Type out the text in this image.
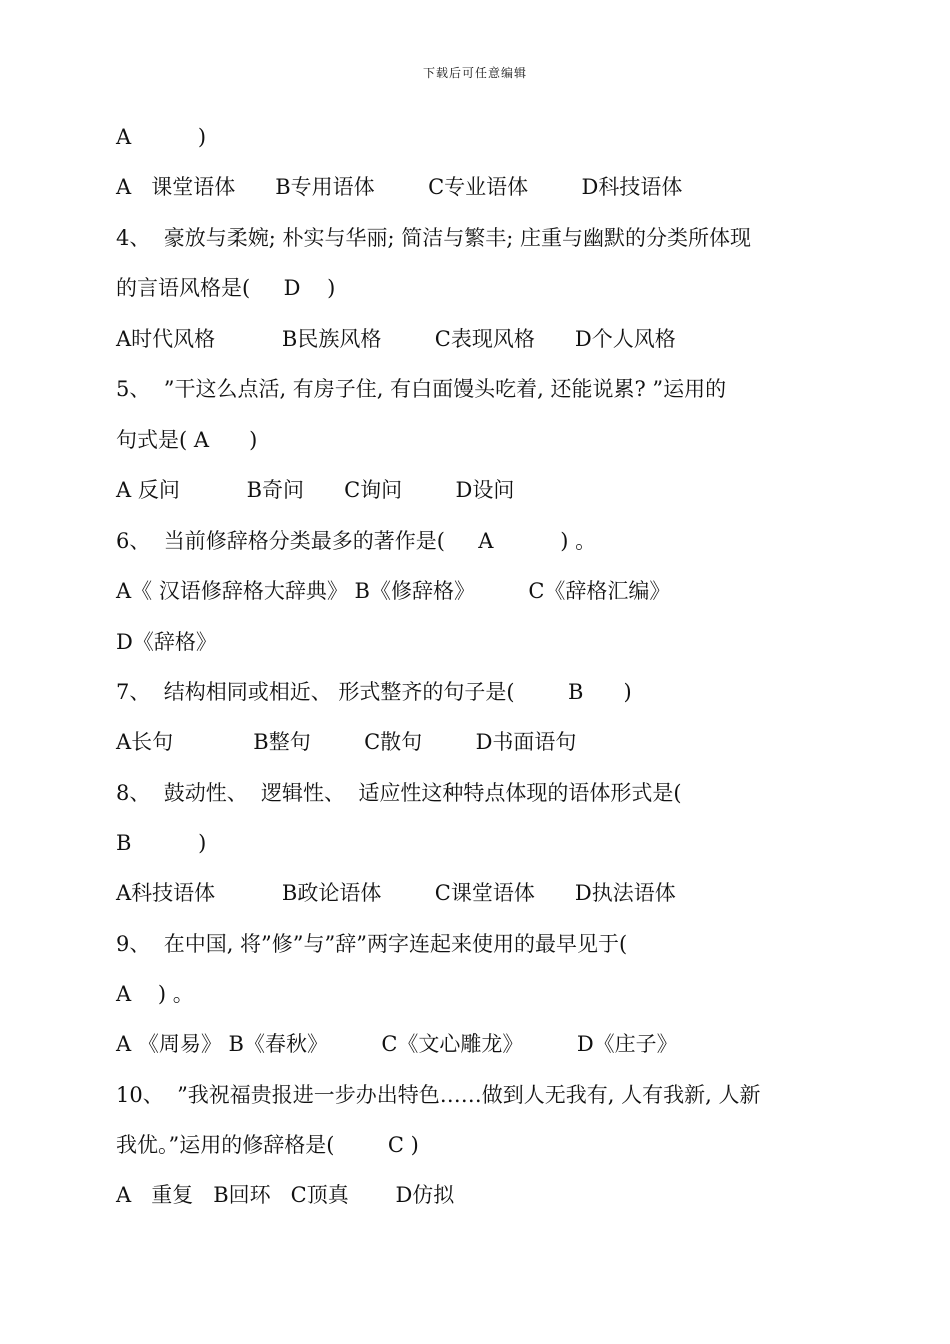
下载后可任意编辑
A          )
A   课堂语体      B专用语体        C专业语体        D科技语体
4、  豪放与柔婉; 朴实与华丽; 简洁与繁丰; 庄重与幽默的分类所体现
的言语风格是(     D    )
A时代风格          B民族风格        C表现风格      D个人风格
5、  ”干这么点活, 有房子住, 有白面馒头吃着, 还能说累? ”运用的
句式是( A      )
A 反问          B奇问      C询问        D设问
6、  当前修辞格分类最多的著作是(     A          ) 。
A《 汉语修辞格大辞典》 B《修辞格》        C《辞格汇编》
D《辞格》
7、  结构相同或相近、 形式整齐的句子是(        B      )
A长句            B整句        C散句        D书面语句
8、  鼓动性、  逻辑性、  适应性这种特点体现的语体形式是(
B          )
A科技语体          B政论语体        C课堂语体      D执法语体
9、  在中国, 将”修”与”辞”两字连起来使用的最早见于(
A    ) 。
A 《周易》 B《春秋》        C《文心雕龙》        D《庄子》
10、  ”我祝福贵报进一步办出特色……做到人无我有, 人有我新, 人新
我优。”运用的修辞格是(        C )
A   重复   B回环   C顶真       D仿拟
